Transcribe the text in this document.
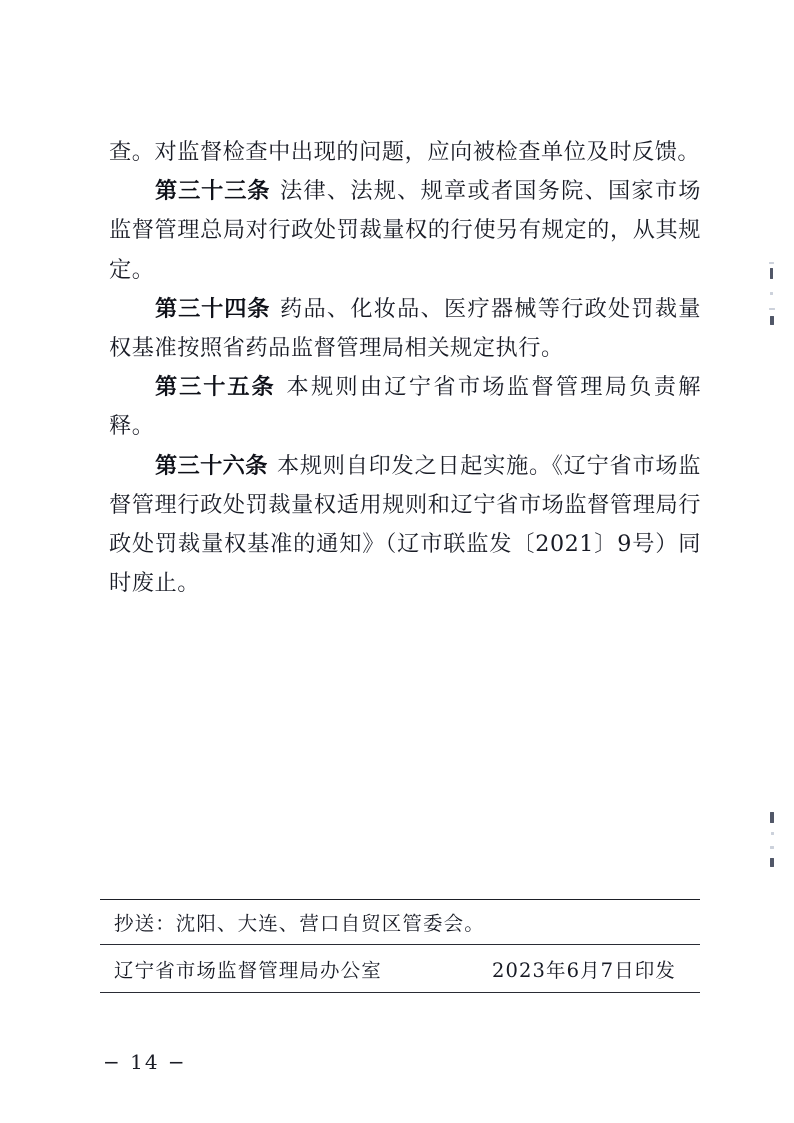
查。对监督检查中出现的问题，应向被检查单位及时反馈。

第三十三条 法律、法规、规章或者国务院、国家市场监督管理总局对行政处罚裁量权的行使另有规定的，从其规定。

第三十四条 药品、化妆品、医疗器械等行政处罚裁量权基准按照省药品监督管理局相关规定执行。

第三十五条 本规则由辽宁省市场监督管理局负责解释。

第三十六条 本规则自印发之日起实施。《辽宁省市场监督管理行政处罚裁量权适用规则和辽宁省市场监督管理局行政处罚裁量权基准的通知》（辽市联监发〔2021〕9号）同时废止。

抄送：沈阳、大连、营口自贸区管委会。
辽宁省市场监督管理局办公室	2023年6月7日印发
− 14 −
